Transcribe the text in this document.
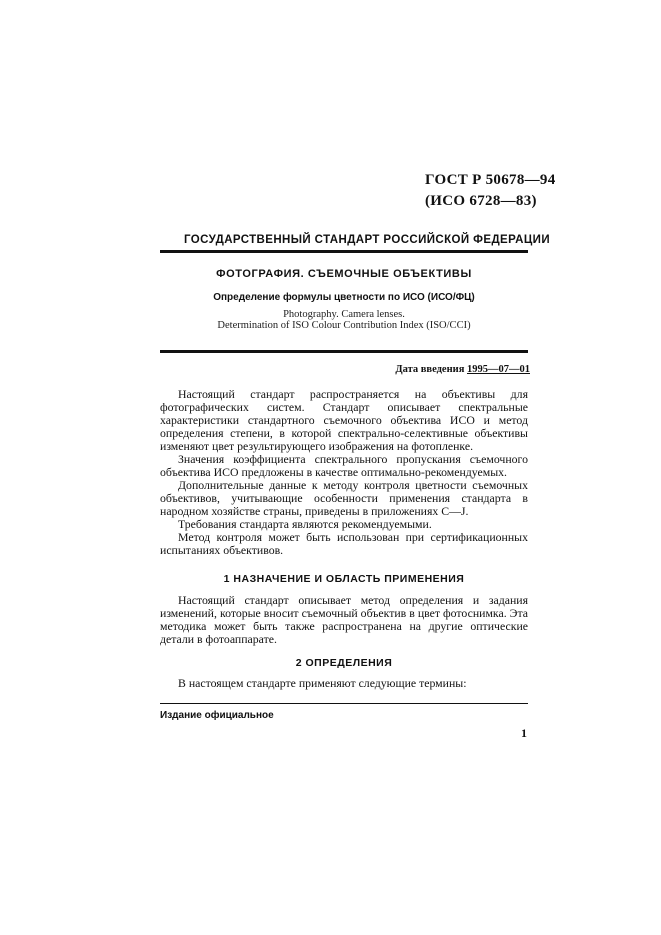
ГОСТ Р 50678—94
(ИСО 6728—83)
ГОСУДАРСТВЕННЫЙ СТАНДАРТ РОССИЙСКОЙ ФЕДЕРАЦИИ
ФОТОГРАФИЯ. СЪЕМОЧНЫЕ ОБЪЕКТИВЫ
Определение формулы цветности по ИСО (ИСО/ФЦ)
Photography. Camera lenses.
Determination of ISO Colour Contribution Index (ISO/CCI)
Дата введения 1995—07—01

Настоящий стандарт распространяется на объективы для фотографических систем. Стандарт описывает спектральные характеристики стандартного съемочного объектива ИСО и метод определения степени, в которой спектрально-селективные объективы изменяют цвет результирующего изображения на фотопленке.

Значения коэффициента спектрального пропускания съемочного объектива ИСО предложены в качестве оптимально-рекомендуемых.

Дополнительные данные к методу контроля цветности съемочных объективов, учитывающие особенности применения стандарта в народном хозяйстве страны, приведены в приложениях С—J.

Требования стандарта являются рекомендуемыми.

Метод контроля может быть использован при сертификационных испытаниях объективов.

1 НАЗНАЧЕНИЕ И ОБЛАСТЬ ПРИМЕНЕНИЯ

Настоящий стандарт описывает метод определения и задания изменений, которые вносит съемочный объектив в цвет фотоснимка. Эта методика может быть также распространена на другие оптические детали в фотоаппарате.

2 ОПРЕДЕЛЕНИЯ

В настоящем стандарте применяют следующие термины:

Издание официальное
1
